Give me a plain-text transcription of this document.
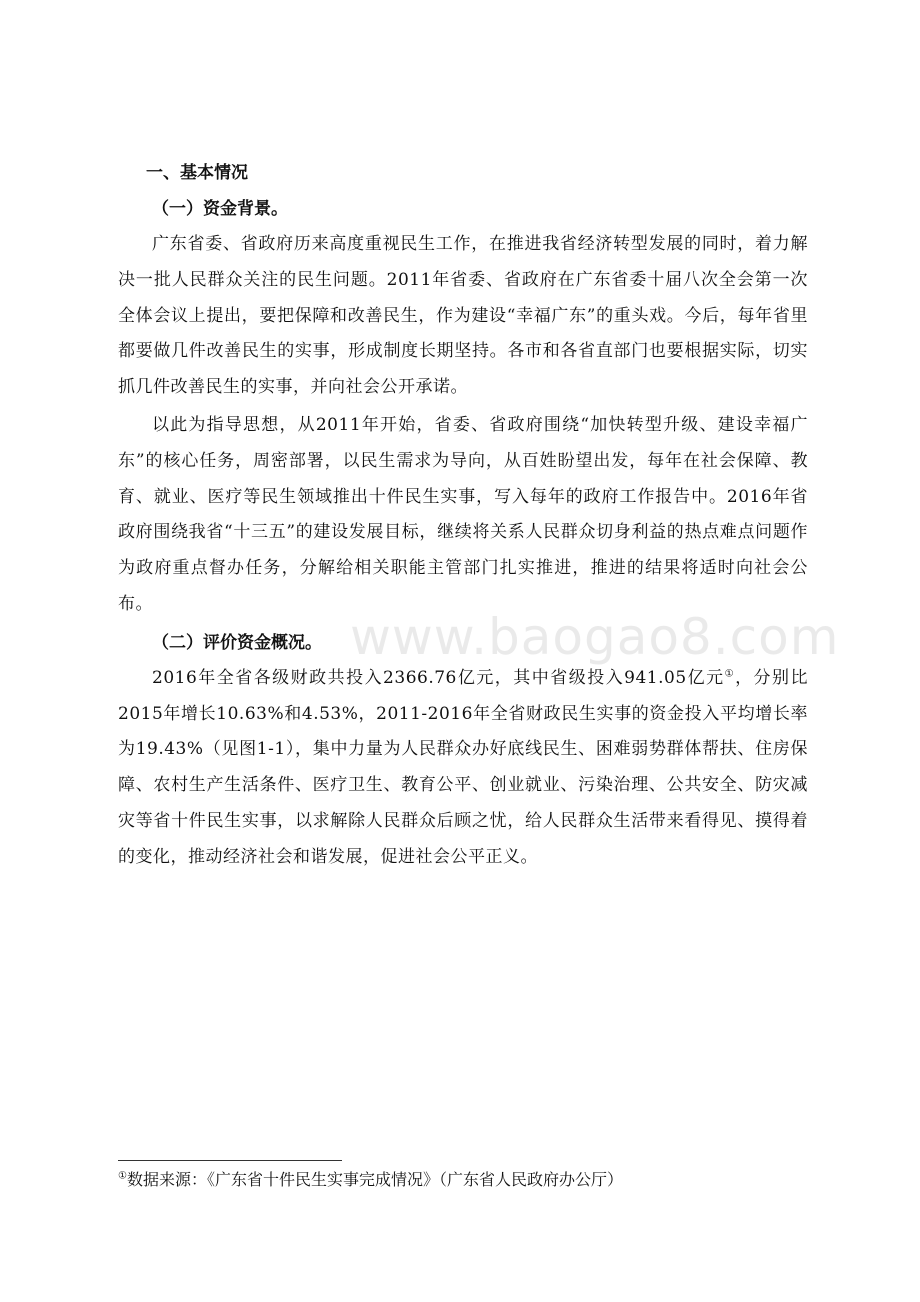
一、基本情况
（一）资金背景。

广东省委、省政府历来高度重视民生工作，在推进我省经济转型发展的同时，着力解决一批人民群众关注的民生问题。2011年省委、省政府在广东省委十届八次全会第一次全体会议上提出，要把保障和改善民生，作为建设“幸福广东”的重头戏。今后，每年省里都要做几件改善民生的实事，形成制度长期坚持。各市和各省直部门也要根据实际，切实抓几件改善民生的实事，并向社会公开承诺。

以此为指导思想，从2011年开始，省委、省政府围绕“加快转型升级、建设幸福广东”的核心任务，周密部署，以民生需求为导向，从百姓盼望出发，每年在社会保障、教育、就业、医疗等民生领域推出十件民生实事，写入每年的政府工作报告中。2016年省政府围绕我省“十三五”的建设发展目标，继续将关系人民群众切身利益的热点难点问题作为政府重点督办任务，分解给相关职能主管部门扎实推进，推进的结果将适时向社会公布。

（二）评价资金概况。

2016年全省各级财政共投入2366.76亿元，其中省级投入941.05亿元①，分别比2015年增长10.63%和4.53%，2011-2016年全省财政民生实事的资金投入平均增长率为19.43%（见图1-1），集中力量为人民群众办好底线民生、困难弱势群体帮扶、住房保障、农村生产生活条件、医疗卫生、教育公平、创业就业、污染治理、公共安全、防灾减灾等省十件民生实事，以求解除人民群众后顾之忧，给人民群众生活带来看得见、摸得着的变化，推动经济社会和谐发展，促进社会公平正义。

www.baogao8.com
①数据来源：《广东省十件民生实事完成情况》（广东省人民政府办公厅）
